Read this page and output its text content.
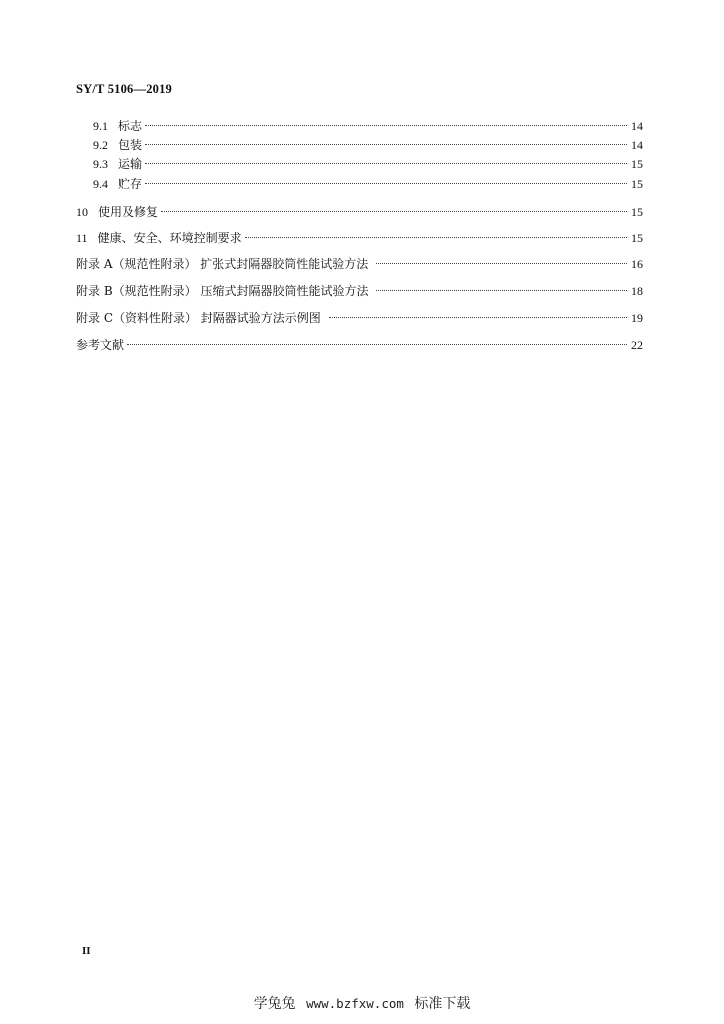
SY/T 5106—2019
9.1 标志	14
9.2 包装	14
9.3 运输	15
9.4 贮存	15
10 使用及修复	15
11 健康、安全、环境控制要求	15
附录 A（规范性附录） 扩张式封隔器胶筒性能试验方法	16
附录 B（规范性附录） 压缩式封隔器胶筒性能试验方法	18
附录 C（资料性附录） 封隔器试验方法示例图	19
参考文献	22
II
学兔兔 www.bzfxw.com 标准下载
